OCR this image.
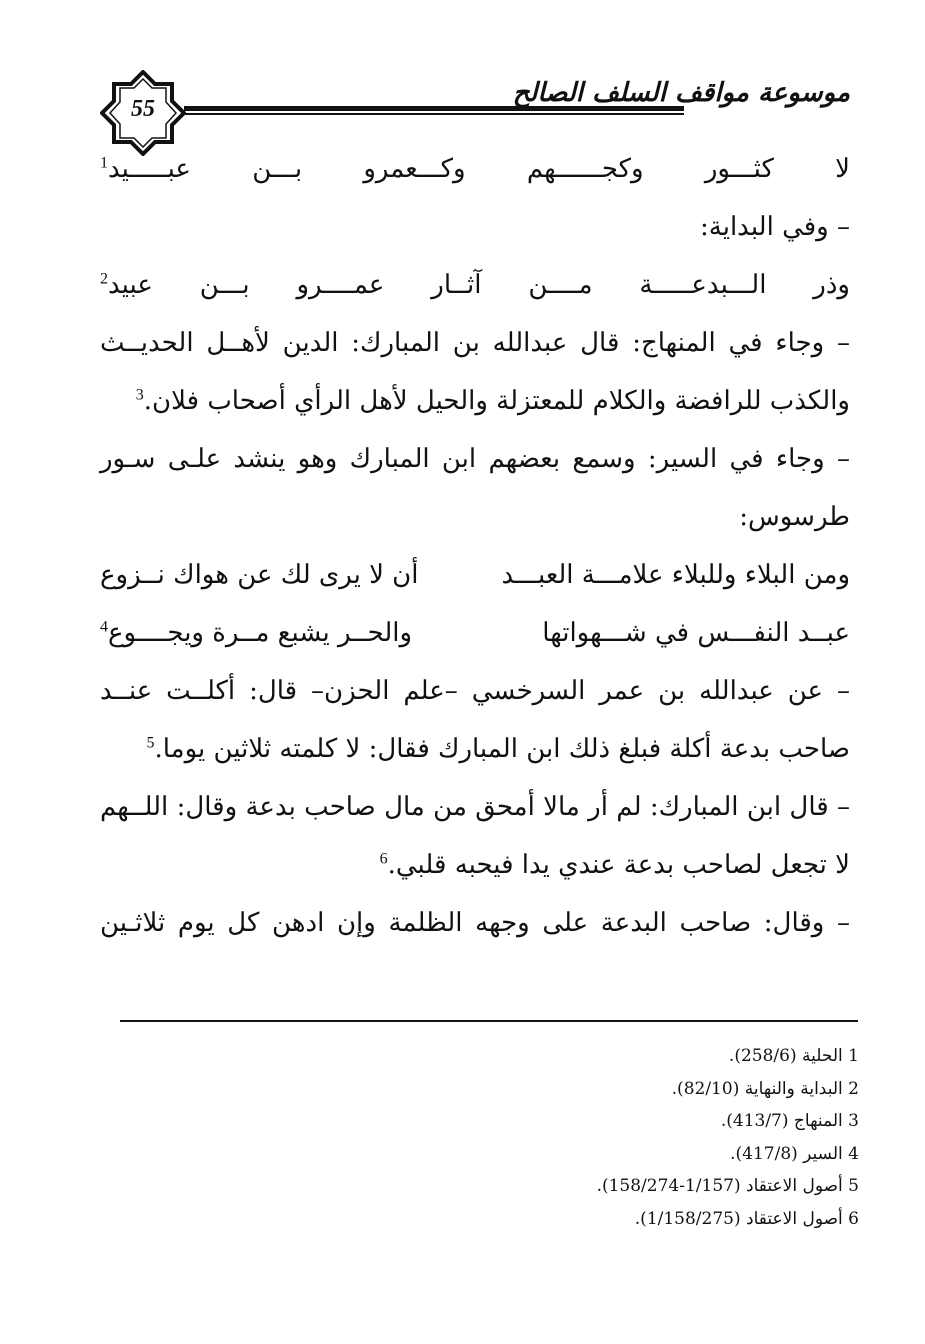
55
موسوعة مواقف السلف الصالح
لا كثـــور وكجــــــهم وكـــعمرو بـــن عبـــــيد$^1$
– وفي البداية:
وذر الـــبدعـــــة مــــن آثــار عمــــرو بـــن عبيد$^2$
– وجاء في المنهاج: قال عبدالله بن المبارك: الدين لأهــل الحديــث
والكذب للرافضة والكلام للمعتزلة والحيل لأهل الرأي أصحاب فلان.$^3$
– وجاء في السير: وسمع بعضهم ابن المبارك وهو ينشد علـى سـور
طرسوس:
ومن البلاء وللبلاء علامـــة العبـــد
أن لا يرى لك عن هواك نــزوع
عبــد النفـــس في شـــهواتها
والحــر يشبع مــرة ويجــــوع$^4$
– عن عبدالله بن عمر السرخسي –علم الحزن– قال: أكلــت عنــد
صاحب بدعة أكلة فبلغ ذلك ابن المبارك فقال: لا كلمته ثلاثين يوما.$^5$
– قال ابن المبارك: لم أر مالا أمحق من مال صاحب بدعة وقال: اللــهم
لا تجعل لصاحب بدعة عندي يدا فيحبه قلبي.$^6$
– وقال: صاحب البدعة على وجهه الظلمة وإن ادهن كل يوم ثلاثـين
1 الحلية (258/6).
2 البداية والنهاية (82/10).
3 المنهاج (413/7).
4 السير (417/8).
5 أصول الاعتقاد (1/157-158/274).
6 أصول الاعتقاد (1/158/275).
